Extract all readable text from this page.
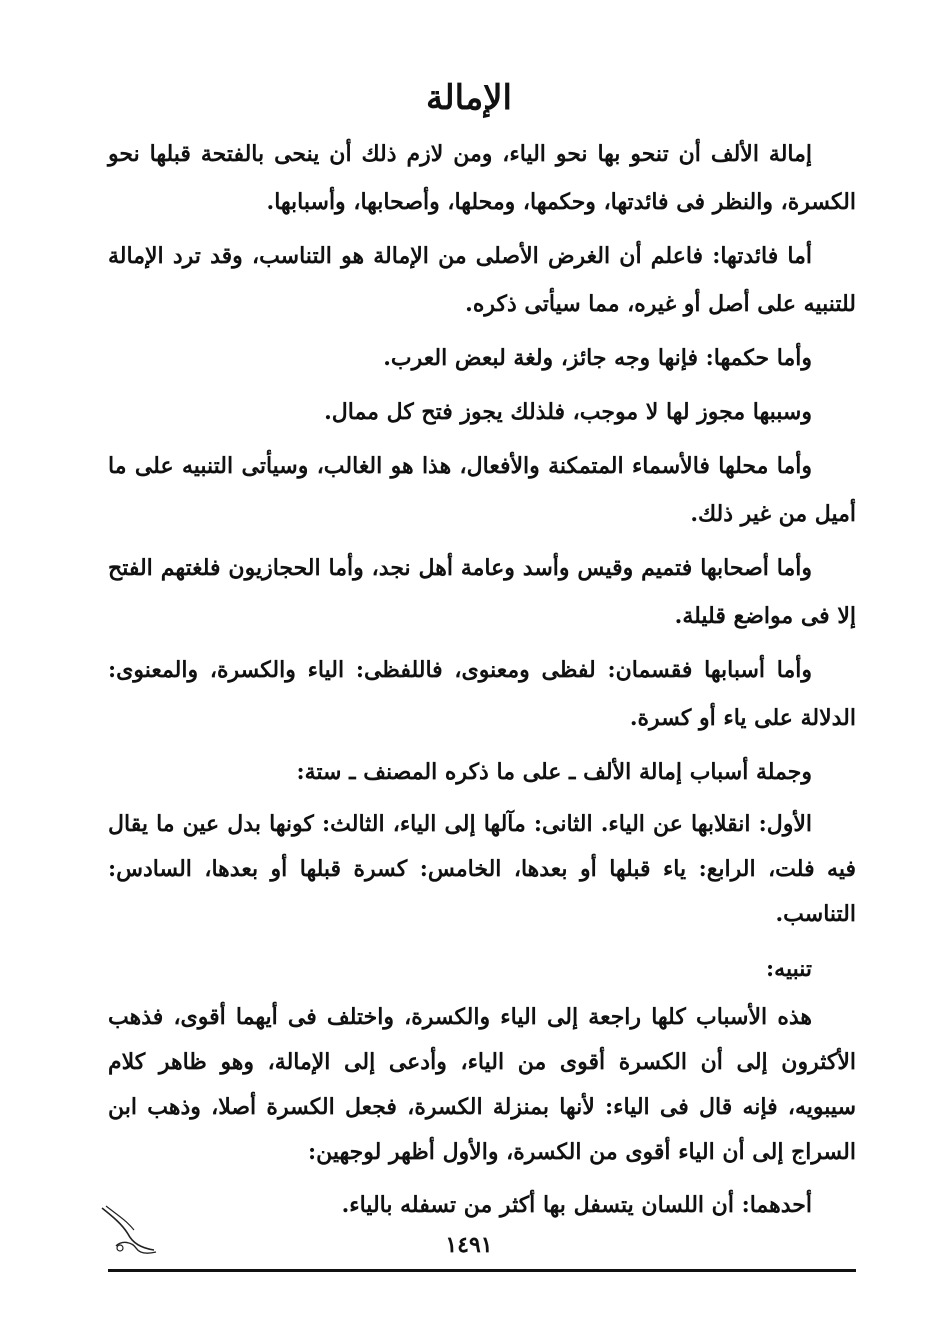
الإمالة

إمالة الألف أن تنحو بها نحو الياء، ومن لازم ذلك أن ينحى بالفتحة قبلها نحو الكسرة، والنظر فى فائدتها، وحكمها، ومحلها، وأصحابها، وأسبابها.

أما فائدتها: فاعلم أن الغرض الأصلى من الإمالة هو التناسب، وقد ترد الإمالة للتنبيه على أصل أو غيره، مما سيأتى ذكره.

وأما حكمها: فإنها وجه جائز، ولغة لبعض العرب.

وسببها مجوز لها لا موجب، فلذلك يجوز فتح كل ممال.

وأما محلها فالأسماء المتمكنة والأفعال، هذا هو الغالب، وسيأتى التنبيه على ما أميل من غير ذلك.

وأما أصحابها فتميم وقيس وأسد وعامة أهل نجد، وأما الحجازيون فلغتهم الفتح إلا فى مواضع قليلة.

وأما أسبابها فقسمان: لفظى ومعنوى، فاللفظى: الياء والكسرة، والمعنوى: الدلالة على ياء أو كسرة.

وجملة أسباب إمالة الألف ـ على ما ذكره المصنف ـ ستة:

الأول: انقلابها عن الياء. الثانى: مآلها إلى الياء، الثالث: كونها بدل عين ما يقال فيه فلت، الرابع: ياء قبلها أو بعدها، الخامس: كسرة قبلها أو بعدها، السادس: التناسب.

تنبيه:

هذه الأسباب كلها راجعة إلى الياء والكسرة، واختلف فى أيهما أقوى، فذهب الأكثرون إلى أن الكسرة أقوى من الياء، وأدعى إلى الإمالة، وهو ظاهر كلام سيبويه، فإنه قال فى الياء: لأنها بمنزلة الكسرة، فجعل الكسرة أصلا، وذهب ابن السراج إلى أن الياء أقوى من الكسرة، والأول أظهر لوجهين:

أحدهما: أن اللسان يتسفل بها أكثر من تسفله بالياء.

١٤٩١
